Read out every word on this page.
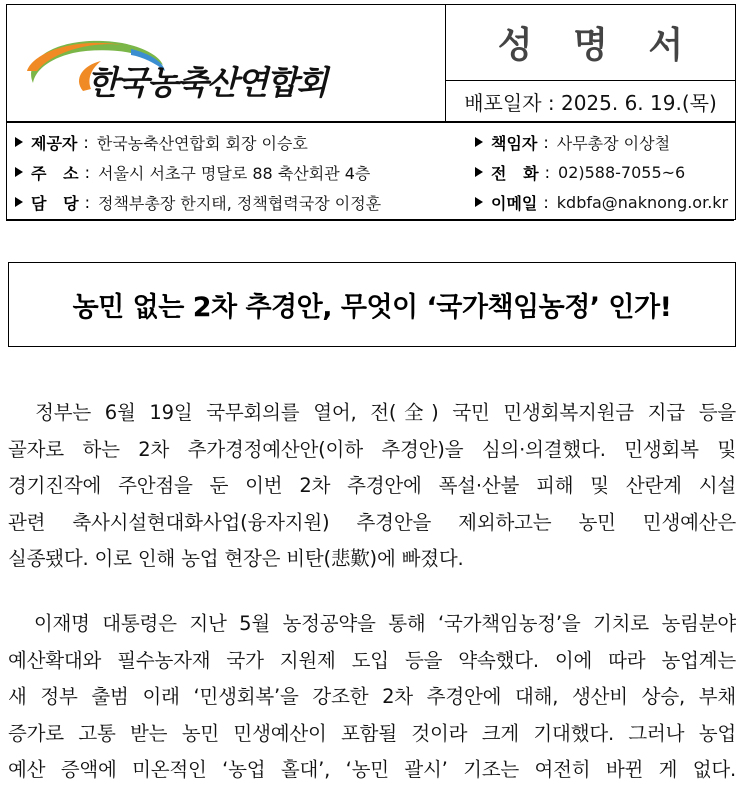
한국농축산연합회
성 명 서
배포일자 : 2025. 6. 19.(목)
제공자 : 한국농축산연합회 회장 이승호	책임자 : 사무총장 이상철
주   소 : 서울시 서초구 명달로 88 축산회관 4층	전   화 : 02)588-7055~6
담   당 : 정책부총장 한지태, 정책협력국장 이정훈	이메일 : kdbfa@naknong.or.kr
농민 없는 2차 추경안, 무엇이 ‘국가책임농정’ 인가!
　정부는 6월 19일 국무회의를 열어, 전(全) 국민 민생회복지원금 지급 등을
골자로 하는 2차 추가경정예산안(이하 추경안)을 심의·의결했다. 민생회복 및
경기진작에 주안점을 둔 이번 2차 추경안에 폭설·산불 피해 및 산란계 시설
관련 축사시설현대화사업(융자지원) 추경안을 제외하고는 농민 민생예산은
실종됐다. 이로 인해 농업 현장은 비탄(悲歎)에 빠졌다.
　이재명 대통령은 지난 5월 농정공약을 통해 ‘국가책임농정’을 기치로 농림분야
예산확대와 필수농자재 국가 지원제 도입 등을 약속했다. 이에 따라 농업계는
새 정부 출범 이래 ‘민생회복’을 강조한 2차 추경안에 대해, 생산비 상승, 부채
증가로 고통 받는 농민 민생예산이 포함될 것이라 크게 기대했다. 그러나 농업
예산 증액에 미온적인 ‘농업 홀대’, ‘농민 괄시’ 기조는 여전히 바뀐 게 없다.
